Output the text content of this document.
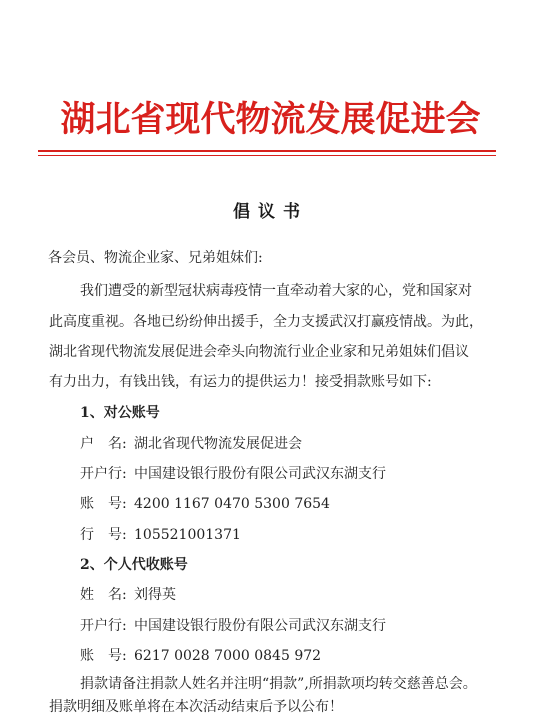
湖北省现代物流发展促进会
倡议书
各会员、物流企业家、兄弟姐妹们:
我们遭受的新型冠状病毒疫情一直牵动着大家的心，党和国家对
此高度重视。各地已纷纷伸出援手，全力支援武汉打赢疫情战。为此，
湖北省现代物流发展促进会牵头向物流行业企业家和兄弟姐妹们倡议
有力出力，有钱出钱，有运力的提供运力！接受捐款账号如下:
1、对公账号
户　名: 湖北省现代物流发展促进会
开户行: 中国建设银行股份有限公司武汉东湖支行
账　号: 4200 1167 0470 5300 7654
行　号: 105521001371
2、个人代收账号
姓　名: 刘得英
开户行: 中国建设银行股份有限公司武汉东湖支行
账　号: 6217 0028 7000 0845 972
捐款请备注捐款人姓名并注明“捐款”,所捐款项均转交慈善总会。
捐款明细及账单将在本次活动结束后予以公布！
